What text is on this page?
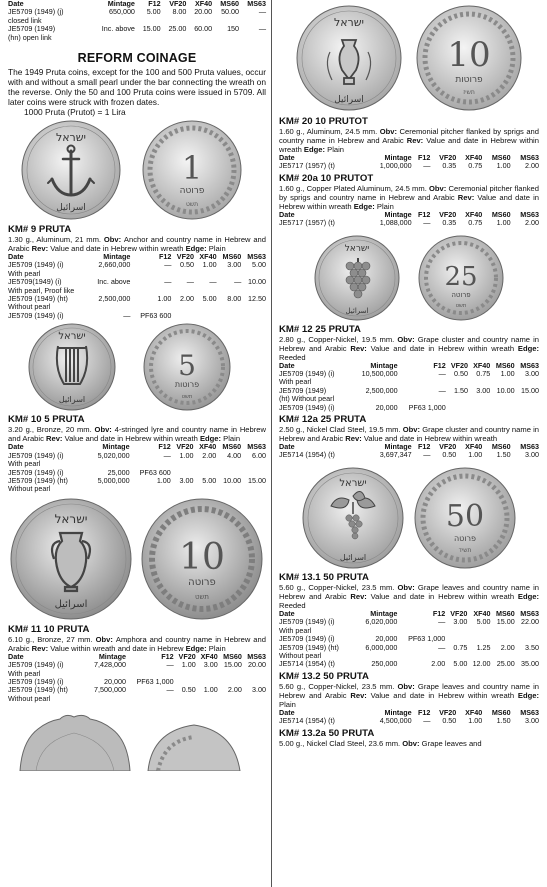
Date	Mintage	F12	VF20	XF40	MS60	MS63
JE5709 (1949) (j)	650,000	5.00	8.00	20.00	50.00	—
closed link						
JE5709 (1949)	Inc. above	15.00	25.00	60.00	150	—
(hn) open link						
REFORM COINAGE
The 1949 Pruta coins, except for the 100 and 500 Pruta values, occur with and without a small pearl under the bar connecting the wreath on the reverse. Only the 50 and 100 Pruta coins were issued in 5709. All later coins were struck with frozen dates.
1000 Pruta (Prutot) = 1 Lira
ישראל
اسرائيل
1
פרוטה
תשט
KM# 9 PRUTA
1.30 g., Aluminum, 21 mm. Obv: Anchor and country name in Hebrew and Arabic Rev: Value and date in Hebrew within wreath Edge: Plain
Date	Mintage	F12	VF20	XF40	MS60	MS63
JE5709 (1949) (i)	2,660,000	—	0.50	1.00	3.00	5.00
With pearl						
JE5709(1949) (i)	Inc. above	—	—	—	—	10.00
With pearl, Proof like						
JE5709 (1949) (ht)	2,500,000	1.00	2.00	5.00	8.00	12.50
Without pearl						
JE5709 (1949) (i)	—	PF63 600				
ישראל
اسرائيل
5
פרוטות
תשט
KM# 10 5 PRUTA
3.20 g., Bronze, 20 mm. Obv: 4-stringed lyre and country name in Hebrew and Arabic Rev: Value and date in Hebrew within wreath Edge: Plain
Date	Mintage	F12	VF20	XF40	MS60	MS63
JE5709 (1949) (i)	5,020,000	—	1.00	2.00	4.00	6.00
With pearl						
JE5709 (1949) (i)	25,000	PF63 600				
JE5709 (1949) (ht)	5,000,000	1.00	3.00	5.00	10.00	15.00
Without pearl						
ישראל
اسرائيل
10
פרוטה
תשט
KM# 11 10 PRUTA
6.10 g., Bronze, 27 mm. Obv: Amphora and country name in Hebrew and Arabic Rev: Value within wreath and date in Hebrew Edge: Plain
Date	Mintage	F12	VF20	XF40	MS60	MS63
JE5709 (1949) (i)	7,428,000	—	1.00	3.00	15.00	20.00
With pearl						
JE5709 (1949) (i)	20,000	PF63 1,000				
JE5709 (1949) (ht)	7,500,000	—	0.50	1.00	2.00	3.00
Without pearl						
ישראל
اسرائيل
10
פרוטות
תשיז
KM# 20 10 PRUTOT
1.60 g., Aluminum, 24.5 mm. Obv: Ceremonial pitcher flanked by sprigs and country name in Hebrew and Arabic Rev: Value and date in Hebrew within wreath Edge: Plain
Date	Mintage	F12	VF20	XF40	MS60	MS63
JE5717 (1957) (t)	1,000,000	—	0.35	0.75	1.00	2.00
KM# 20a 10 PRUTOT
1.60 g., Copper Plated Aluminum, 24.5 mm. Obv: Ceremonial pitcher flanked by sprigs and country name in Hebrew and Arabic Rev: Value and date in Hebrew within wreath Edge: Plain
Date	Mintage	F12	VF20	XF40	MS60	MS63
JE5717 (1957) (t)	1,088,000	—	0.35	0.75	1.00	2.00
ישראל
اسرائيل
25
פרוטה
תשט
KM# 12 25 PRUTA
2.80 g., Copper-Nickel, 19.5 mm. Obv: Grape cluster and country name in Hebrew and Arabic Rev: Value and date in Hebrew within wreath Edge: Reeded
Date	Mintage	F12	VF20	XF40	MS60	MS63
JE5709 (1949) (i)	10,500,000	—	0.50	0.75	1.00	3.00
With pearl						
JE5709 (1949)	2,500,000	—	1.50	3.00	10.00	15.00
(ht) Without pearl						
JE5709 (1949) (i)	20,000	PF63 1,000				
KM# 12a 25 PRUTA
2.50 g., Nickel Clad Steel, 19.5 mm. Obv: Grape cluster and country name in Hebrew and Arabic Rev: Value and date in Hebrew within wreath
Date	Mintage	F12	VF20	XF40	MS60	MS63
JE5714 (1954) (t)	3,697,347	—	0.50	1.00	1.50	3.00
ישראל
اسرائيل
50
פרוטה
תשיד
KM# 13.1 50 PRUTA
5.60 g., Copper-Nickel, 23.5 mm. Obv: Grape leaves and country name in Hebrew and Arabic Rev: Value and date in Hebrew within wreath Edge: Reeded
Date	Mintage	F12	VF20	XF40	MS60	MS63
JE5709 (1949) (i)	6,020,000	—	3.00	5.00	15.00	22.00
With pearl						
JE5709 (1949) (i)	20,000	PF63 1,000				
JE5709 (1949) (ht)	6,000,000	—	0.75	1.25	2.00	3.50
Without pearl						
JE5714 (1954) (t)	250,000	2.00	5.00	12.00	25.00	35.00
KM# 13.2 50 PRUTA
5.60 g., Copper-Nickel, 23.5 mm. Obv: Grape leaves and country name in Hebrew and Arabic Rev: Value and date in Hebrew within wreath Edge: Plain
Date	Mintage	F12	VF20	XF40	MS60	MS63
JE5714 (1954) (t)	4,500,000	—	0.50	1.00	1.50	3.00
KM# 13.2a 50 PRUTA
5.00 g., Nickel Clad Steel, 23.6 mm. Obv: Grape leaves and
